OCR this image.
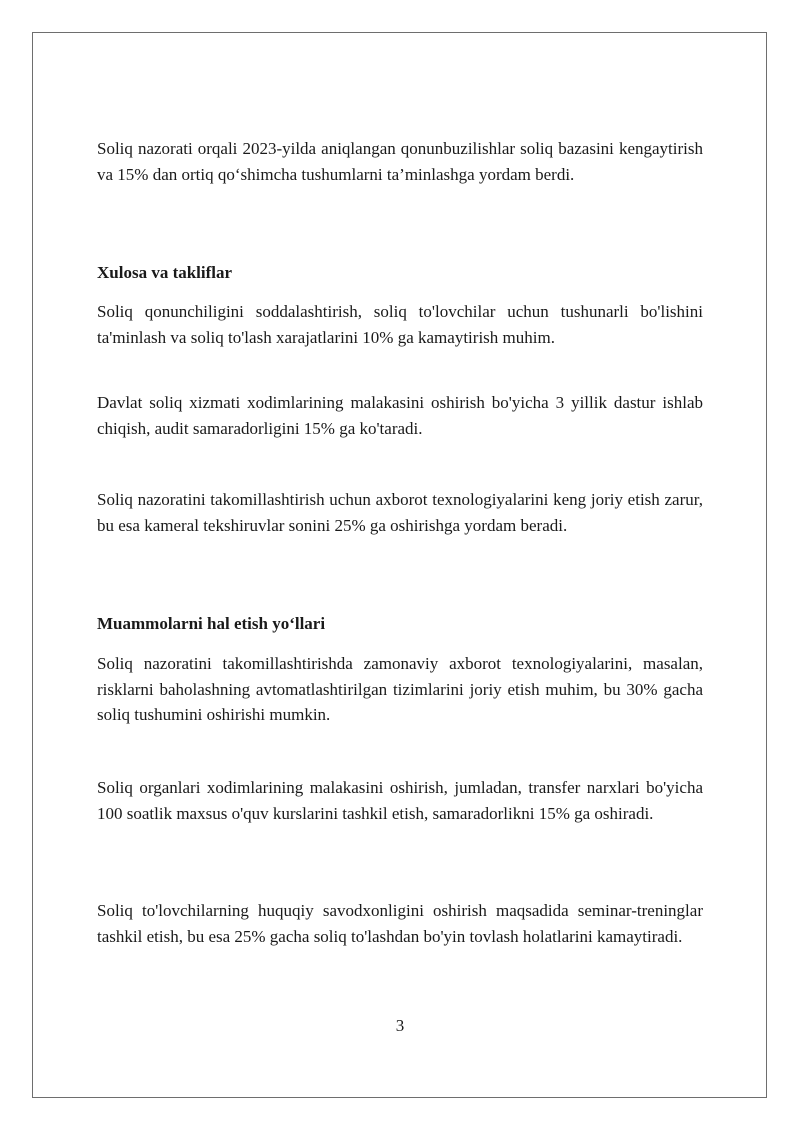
Soliq nazorati orqali 2023-yilda aniqlangan qonunbuzilishlar soliq bazasini kengaytirish va 15% dan ortiq qo‘shimcha tushumlarni ta’minlashga yordam berdi.

Xulosa va takliflar

Soliq qonunchiligini soddalashtirish, soliq to'lovchilar uchun tushunarli bo'lishini ta'minlash va soliq to'lash xarajatlarini 10% ga kamaytirish muhim.

Davlat soliq xizmati xodimlarining malakasini oshirish bo'yicha 3 yillik dastur ishlab chiqish, audit samaradorligini 15% ga ko'taradi.

Soliq nazoratini takomillashtirish uchun axborot texnologiyalarini keng joriy etish zarur, bu esa kameral tekshiruvlar sonini 25% ga oshirishga yordam beradi.

Muammolarni hal etish yoʻllari

Soliq nazoratini takomillashtirishda zamonaviy axborot texnologiyalarini, masalan, risklarni baholashning avtomatlashtirilgan tizimlarini joriy etish muhim, bu 30% gacha soliq tushumini oshirishi mumkin.

Soliq organlari xodimlarining malakasini oshirish, jumladan, transfer narxlari bo'yicha 100 soatlik maxsus o'quv kurslarini tashkil etish, samaradorlikni 15% ga oshiradi.

Soliq to'lovchilarning huquqiy savodxonligini oshirish maqsadida seminar-treninglar tashkil etish, bu esa 25% gacha soliq to'lashdan bo'yin tovlash holatlarini kamaytiradi.

3
